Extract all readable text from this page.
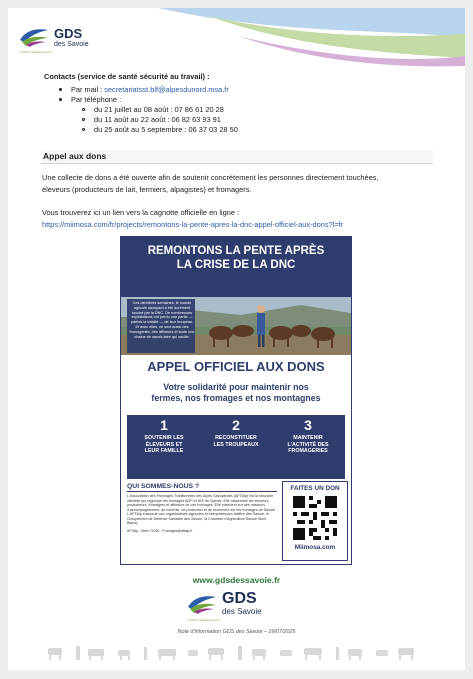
GDS
des Savoie
L'action sanitaire avenir
Contacts (service de santé sécurité au travail) :
Par mail : secretariatsst.blf@alpesdunord.msa.fr
Par téléphone :
du 21 juillet au 08 août : 07 86 61 20 28
du 11 août au 22 août : 06 82 63 93 91
du 25 août au 5 septembre : 06 37 03 28 50
Appel aux dons
Une collecte de dons a été ouverte afin de soutenir concrètement les personnes directement touchées,
éleveurs (producteurs de lait, fermiers, alpagistes) et fromagers.
Vous trouverez ici un lien vers la cagnotte officielle en ligne :
https://miimosa.com/fr/projects/remontons-la-pente-apres-la-dnc-appel-officiel-aux-dons?l=fr
REMONTONS LA PENTE APRÈS
LA CRISE DE LA DNC
Ces dernières semaines, le monde agricole savoyard a été durement touché par la DNC. De nombreuses exploitations ont perdu une partie — parfois la totalité — de leur troupeau. Et avec elles, ce sont aussi des fromageries, des affineurs et toute une chaîne de savoir-faire qui vacille.
APPEL OFFICIEL AUX DONS
Votre solidarité pour maintenir nos
fermes, nos fromages et nos montagnes
1
SOUTENIR LES
ÉLEVEURS ET
LEUR FAMILLE
2
RECONSTITUER
LES TROUPEAUX
3
MAINTENIR
L'ACTIVITÉ DES
FROMAGERIES
QUI SOMMES-NOUS ?
L'Association des Fromages Traditionnels des Alpes Savoyardes (AFTAlp) est la structure officielle qui regroupe les fromages AOP et IGP de Savoie. Elle rassemble les éleveurs, producteurs, fromagers et affineurs de ces fromages. Elle intervient sur ses missions d'accompagnement, de contrôle, de protection et de recherche sur les fromages de Savoie. L'AFTAlp s'associe aux organisations agricoles et interprofession laitière des Savoie, le Groupement de Défense Sanitaire des Savoie, la Chambre d'Agriculture Savoie Mont Blanc).
AFTAlp - Siren 74230 - Fromages@aftalp.fr
FAITES UN DON
Miimosa.com
www.gdsdessavoie.fr
GDS
des Savoie
L'action sanitaire avenir
Note d'information GDS des Savoie – 29/07/2025
